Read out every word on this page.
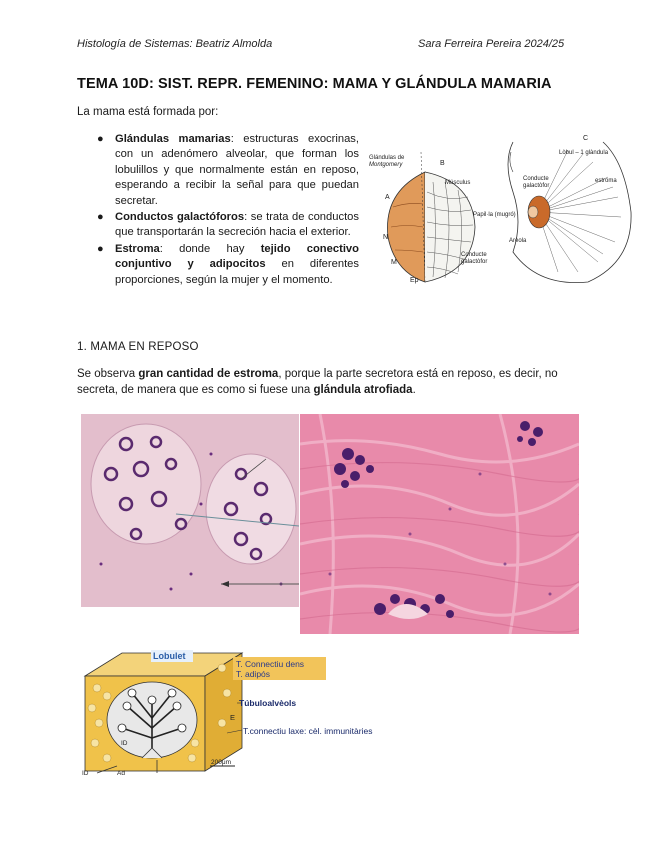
Histología de Sistemas: Beatriz Almolda	Sara Ferreira Pereira 2024/25
TEMA 10D: SIST. REPR. FEMENINO: MAMA Y GLÁNDULA MAMARIA
La mama está formada por:
● Glándulas mamarias: estructuras exocrinas, con un adenómero alveolar, que forman los lobulillos y que normalmente están en reposo, esperando a recibir la señal para que puedan secretar.
● Conductos galactóforos: se trata de conductos que transportarán la secreción hacia el exterior.
● Estroma: donde hay tejido conectivo conjuntivo y adipocitos en diferentes proporciones, según la mujer y el momento.
Glándulas de
Montgomery	B
A
N
M
Ep
Músculus
Conducte
galactòfor
C
Lòbul – 1 glàndula
Conducte
galactòfor
estroma
Papil·la (mugró)
Arèola
1. MAMA EN REPOSO
Se observa gran cantidad de estroma, porque la parte secretora está en reposo, es decir, no secreta, de manera que es como si fuese una glándula atrofiada.
Lobulet
T. Connectiu dens
T. adipós
Túbuloalvèols
E
T.connectiu laxe: cèl. immunitàries
ID
ID	Ad
200μm
